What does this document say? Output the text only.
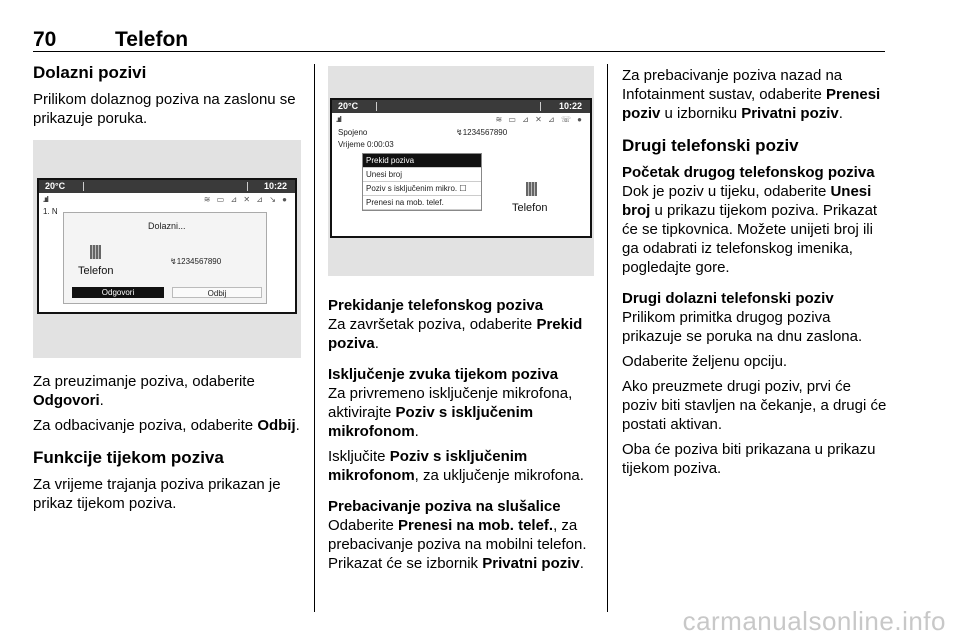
70	Telefon
Dolazni pozivi

Prilikom dolaznog poziva na zaslonu se prikazuje poruka.

20°C	10:22
.ııl	≋ ▭ ⊿ ✕ ⊿ ↘ ●
1. N
Dolazni...
Telefon
↯1234567890
Odgovori	Odbij

Za preuzimanje poziva, odaberite Odgovori.

Za odbacivanje poziva, odaberite Odbij.

Funkcije tijekom poziva

Za vrijeme trajanja poziva prikazan je prikaz tijekom poziva.

20°C	10:22
.ııl	≋ ▭ ⊿ ✕ ⊿ ☏ ●
Spojeno	↯1234567890
Vrijeme 0:00:03
Prekid poziva
Unesi broj
Poziv s isključenim mikro. ☐
Prenesi na mob. telef.	Telefon
Prekidanje telefonskog poziva

Za završetak poziva, odaberite Prekid poziva.

Isključenje zvuka tijekom poziva

Za privremeno isključenje mikrofona, aktivirajte Poziv s isključenim mikrofonom.

Isključite Poziv s isključenim mikrofonom, za uključenje mikrofona.

Prebacivanje poziva na slušalice

Odaberite Prenesi na mob. telef., za prebacivanje poziva na mobilni telefon. Prikazat će se izbornik Privatni poziv.

Za prebacivanje poziva nazad na Infotainment sustav, odaberite Prenesi poziv u izborniku Privatni poziv.

Drugi telefonski poziv
Početak drugog telefonskog poziva

Dok je poziv u tijeku, odaberite Unesi broj u prikazu tijekom poziva. Prikazat će se tipkovnica. Možete unijeti broj ili ga odabrati iz telefonskog imenika, pogledajte gore.

Drugi dolazni telefonski poziv

Prilikom primitka drugog poziva prikazuje se poruka na dnu zaslona.

Odaberite željenu opciju.

Ako preuzmete drugi poziv, prvi će poziv biti stavljen na čekanje, a drugi će postati aktivan.

Oba će poziva biti prikazana u prikazu tijekom poziva.

carmanualsonline.info
